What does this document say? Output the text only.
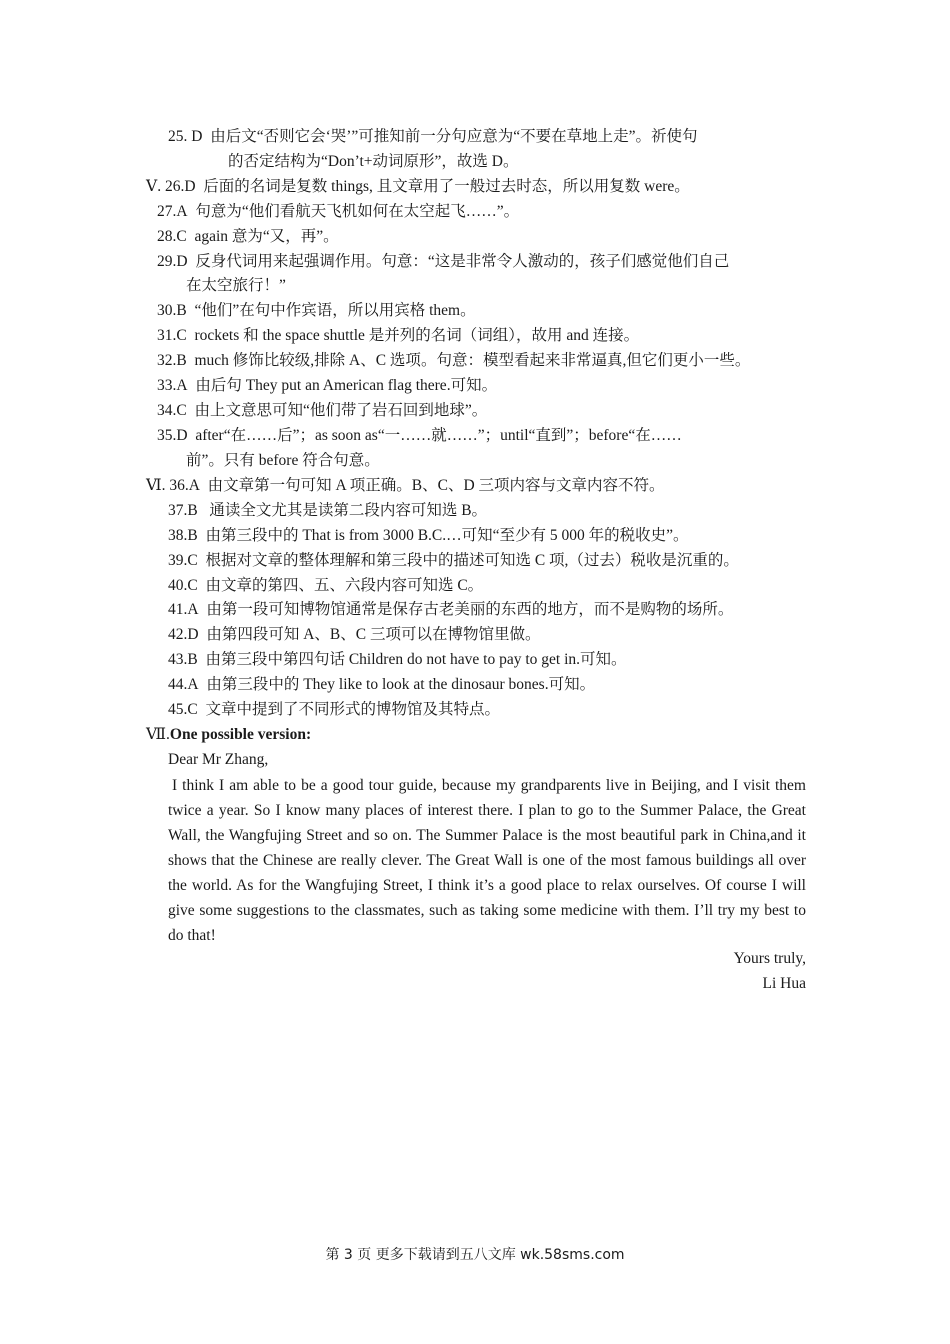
25. D 由后文“否则它会‘哭’”可推知前一分句应意为“不要在草地上走”。祈使句
的否定结构为“Don’t+动词原形”，故选 D。
Ⅴ. 26.D 后面的名词是复数 things, 且文章用了一般过去时态，所以用复数 were。
27.A 句意为“他们看航天飞机如何在太空起飞……”。
28.C again 意为“又，再”。
29.D 反身代词用来起强调作用。句意：“这是非常令人激动的，孩子们感觉他们自己
在太空旅行！”
30.B “他们”在句中作宾语，所以用宾格 them。
31.C rockets 和 the space shuttle 是并列的名词（词组），故用 and 连接。
32.B much 修饰比较级,排除 A、C 选项。句意：模型看起来非常逼真,但它们更小一些。
33.A 由后句 They put an American flag there.可知。
34.C 由上文意思可知“他们带了岩石回到地球”。
35.D after“在……后”；as soon as“一……就……”；until“直到”；before“在……
前”。只有 before 符合句意。
Ⅵ. 36.A 由文章第一句可知 A 项正确。B、C、D 三项内容与文章内容不符。
37.B 通读全文尤其是读第二段内容可知选 B。
38.B 由第三段中的 That is from 3000 B.C.…可知“至少有 5 000 年的税收史”。
39.C 根据对文章的整体理解和第三段中的描述可知选 C 项,（过去）税收是沉重的。
40.C 由文章的第四、五、六段内容可知选 C。
41.A 由第一段可知博物馆通常是保存古老美丽的东西的地方，而不是购物的场所。
42.D 由第四段可知 A、B、C 三项可以在博物馆里做。
43.B 由第三段中第四句话 Children do not have to pay to get in.可知。
44.A 由第三段中的 They like to look at the dinosaur bones.可知。
45.C 文章中提到了不同形式的博物馆及其特点。
Ⅶ.One possible version:
Dear Mr Zhang,
I think I am able to be a good tour guide, because my grandparents live in Beijing, and I visit them twice a year. So I know many places of interest there. I plan to go to the Summer Palace, the Great Wall, the Wangfujing Street and so on. The Summer Palace is the most beautiful park in China,and it shows that the Chinese are really clever. The Great Wall is one of the most famous buildings all over the world. As for the Wangfujing Street, I think it’s a good place to relax ourselves. Of course I will give some suggestions to the classmates, such as taking some medicine with them. I’ll try my best to do that!
Yours truly,
Li Hua
第 3 页 更多下载请到五八文库 wk.58sms.com
